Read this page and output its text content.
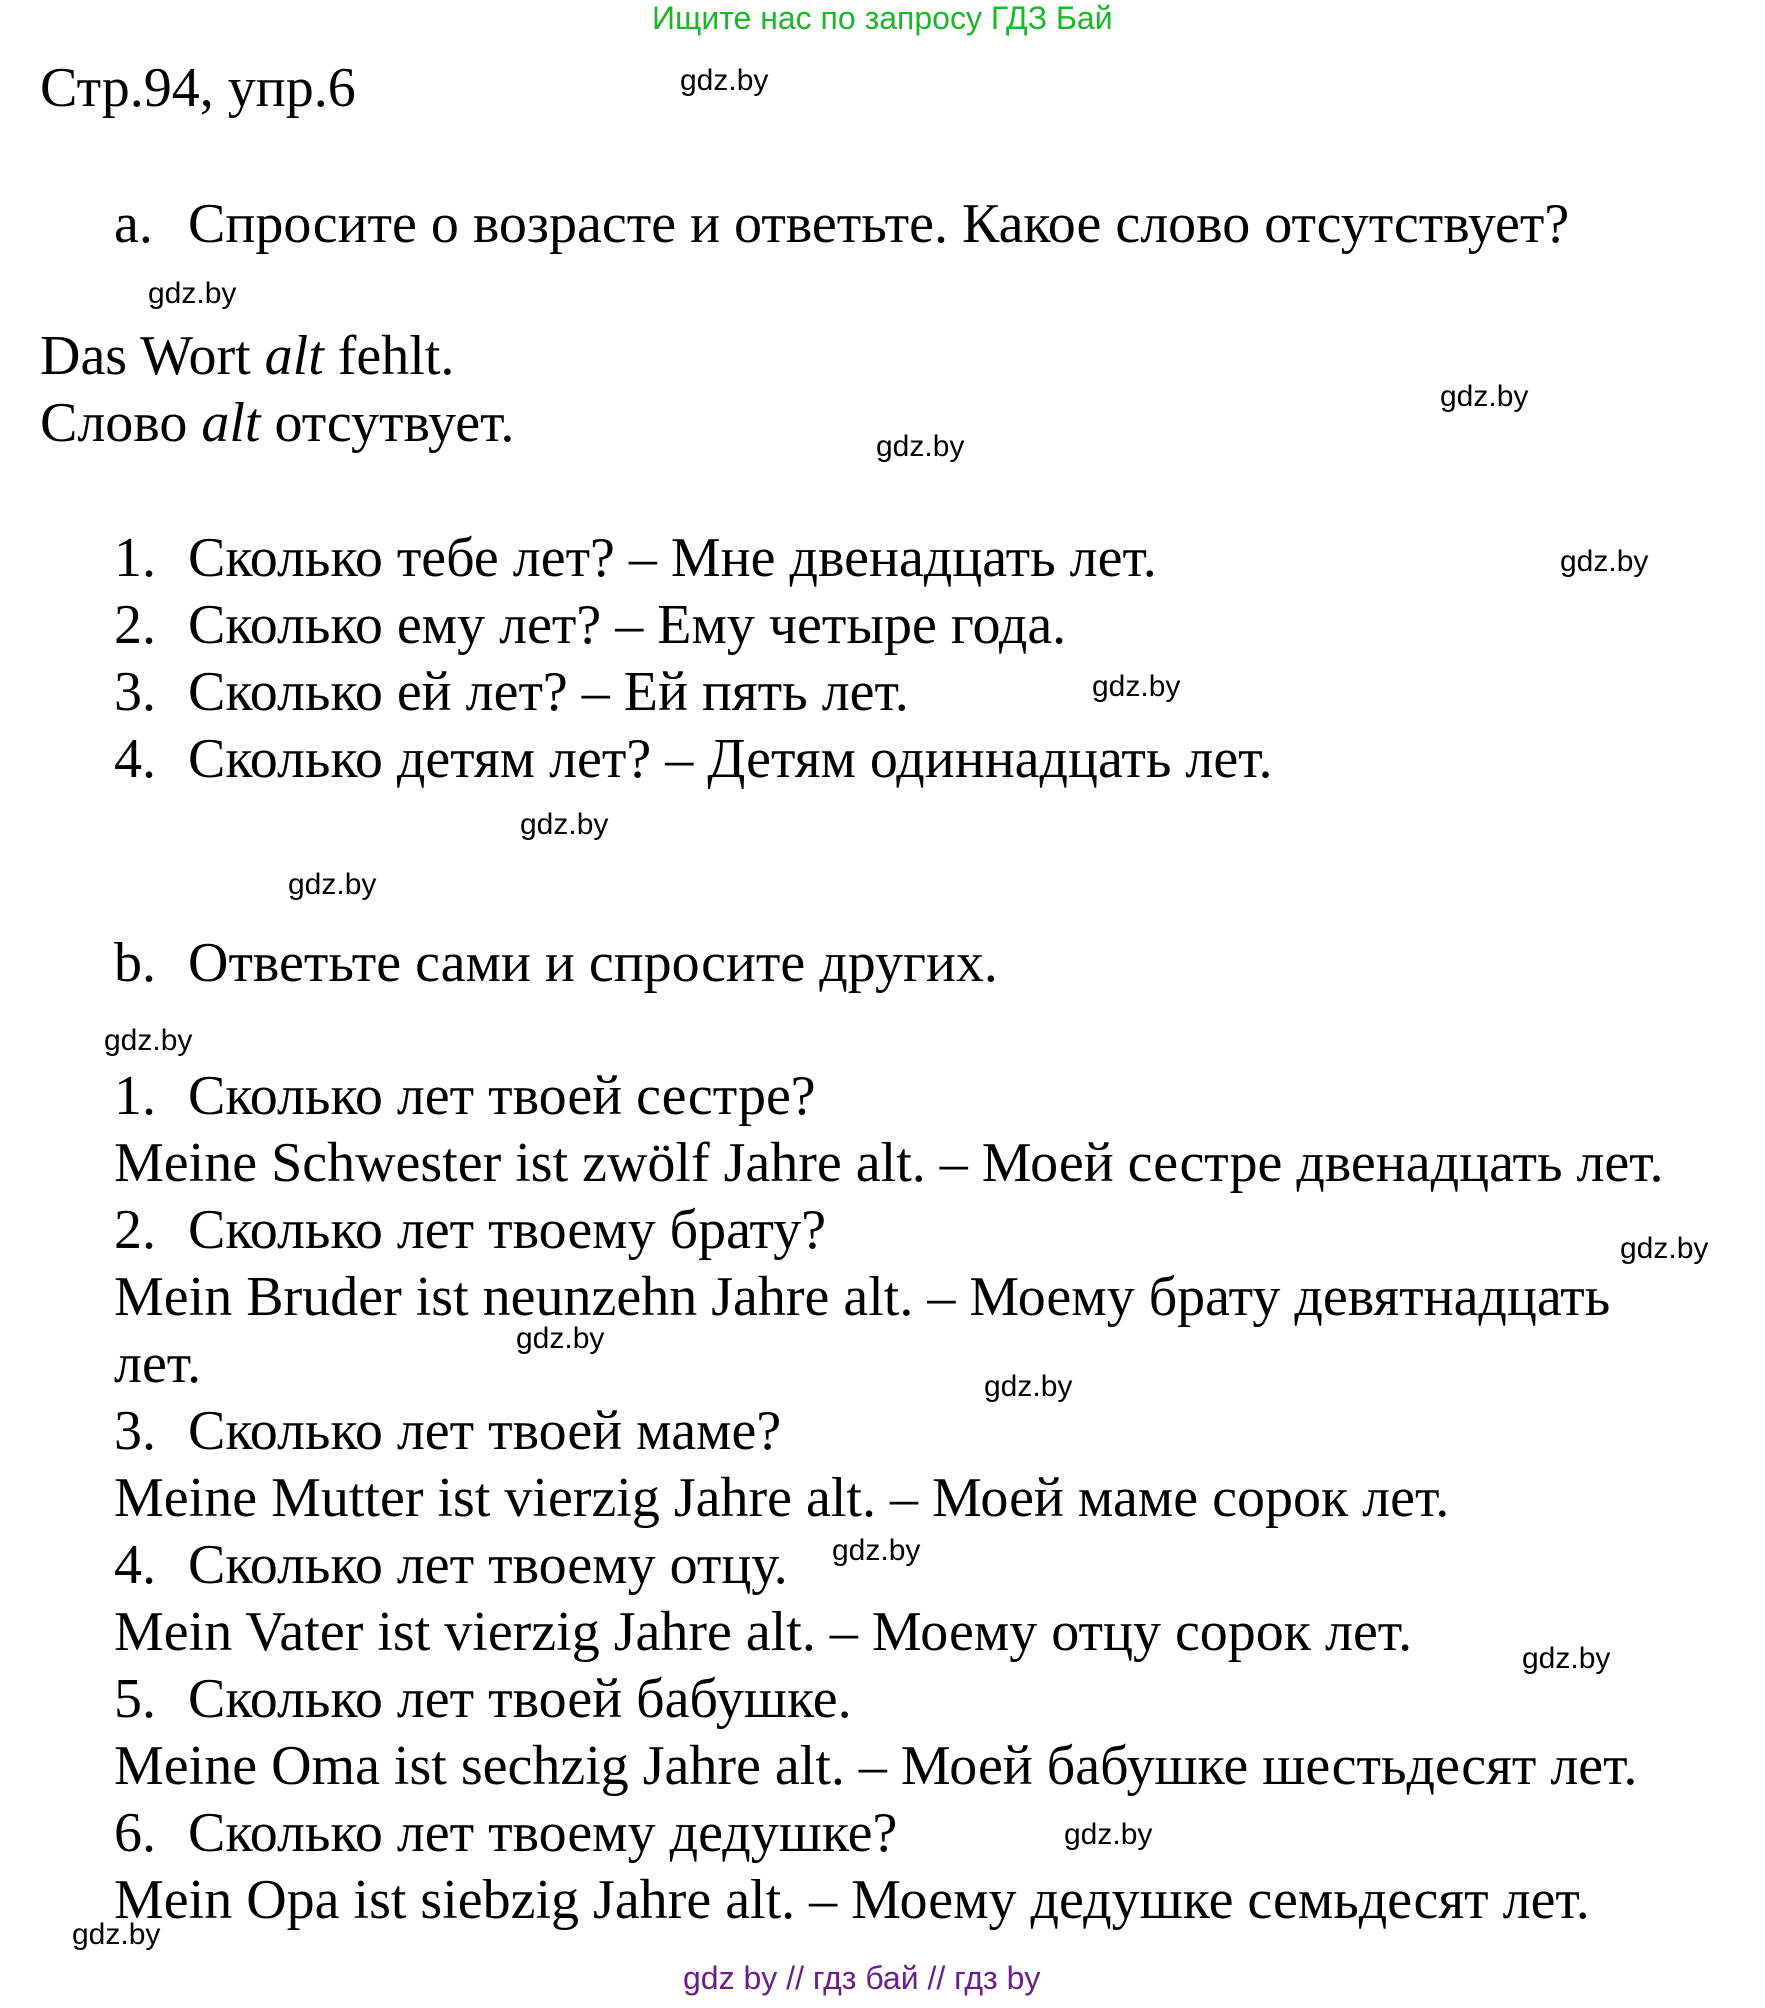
Ищите нас по запросу ГДЗ Бай
Стр.94, упр.6
a. Спросите о возрасте и ответьте. Какое слово отсутствует?
Das Wort alt fehlt.
Слово alt отсутвует.
1. Сколько тебе лет? – Мне двенадцать лет.
2. Сколько ему лет? – Ему четыре года.
3. Сколько ей лет? – Ей пять лет.
4. Сколько детям лет? – Детям одиннадцать лет.
b. Ответьте сами и спросите других.
1. Сколько лет твоей сестре?
Meine Schwester ist zwölf Jahre alt. – Моей сестре двенадцать лет.
2. Сколько лет твоему брату?
Mein Bruder ist neunzehn Jahre alt. – Моему брату девятнадцать
лет.
3. Сколько лет твоей маме?
Meine Mutter ist vierzig Jahre alt. – Моей маме сорок лет.
4. Сколько лет твоему отцу.
Mein Vater ist vierzig Jahre alt. – Моему отцу сорок лет.
5. Сколько лет твоей бабушке.
Meine Oma ist sechzig Jahre alt. – Моей бабушке шестьдесят лет.
6. Сколько лет твоему дедушке?
Mein Opa ist siebzig Jahre alt. – Моему дедушке семьдесят лет.
gdz.by
gdz.by
gdz.by
gdz.by
gdz.by
gdz.by
gdz.by
gdz.by
gdz.by
gdz.by
gdz.by
gdz.by
gdz.by
gdz.by
gdz.by
gdz.by
gdz by // гдз бай // гдз by
